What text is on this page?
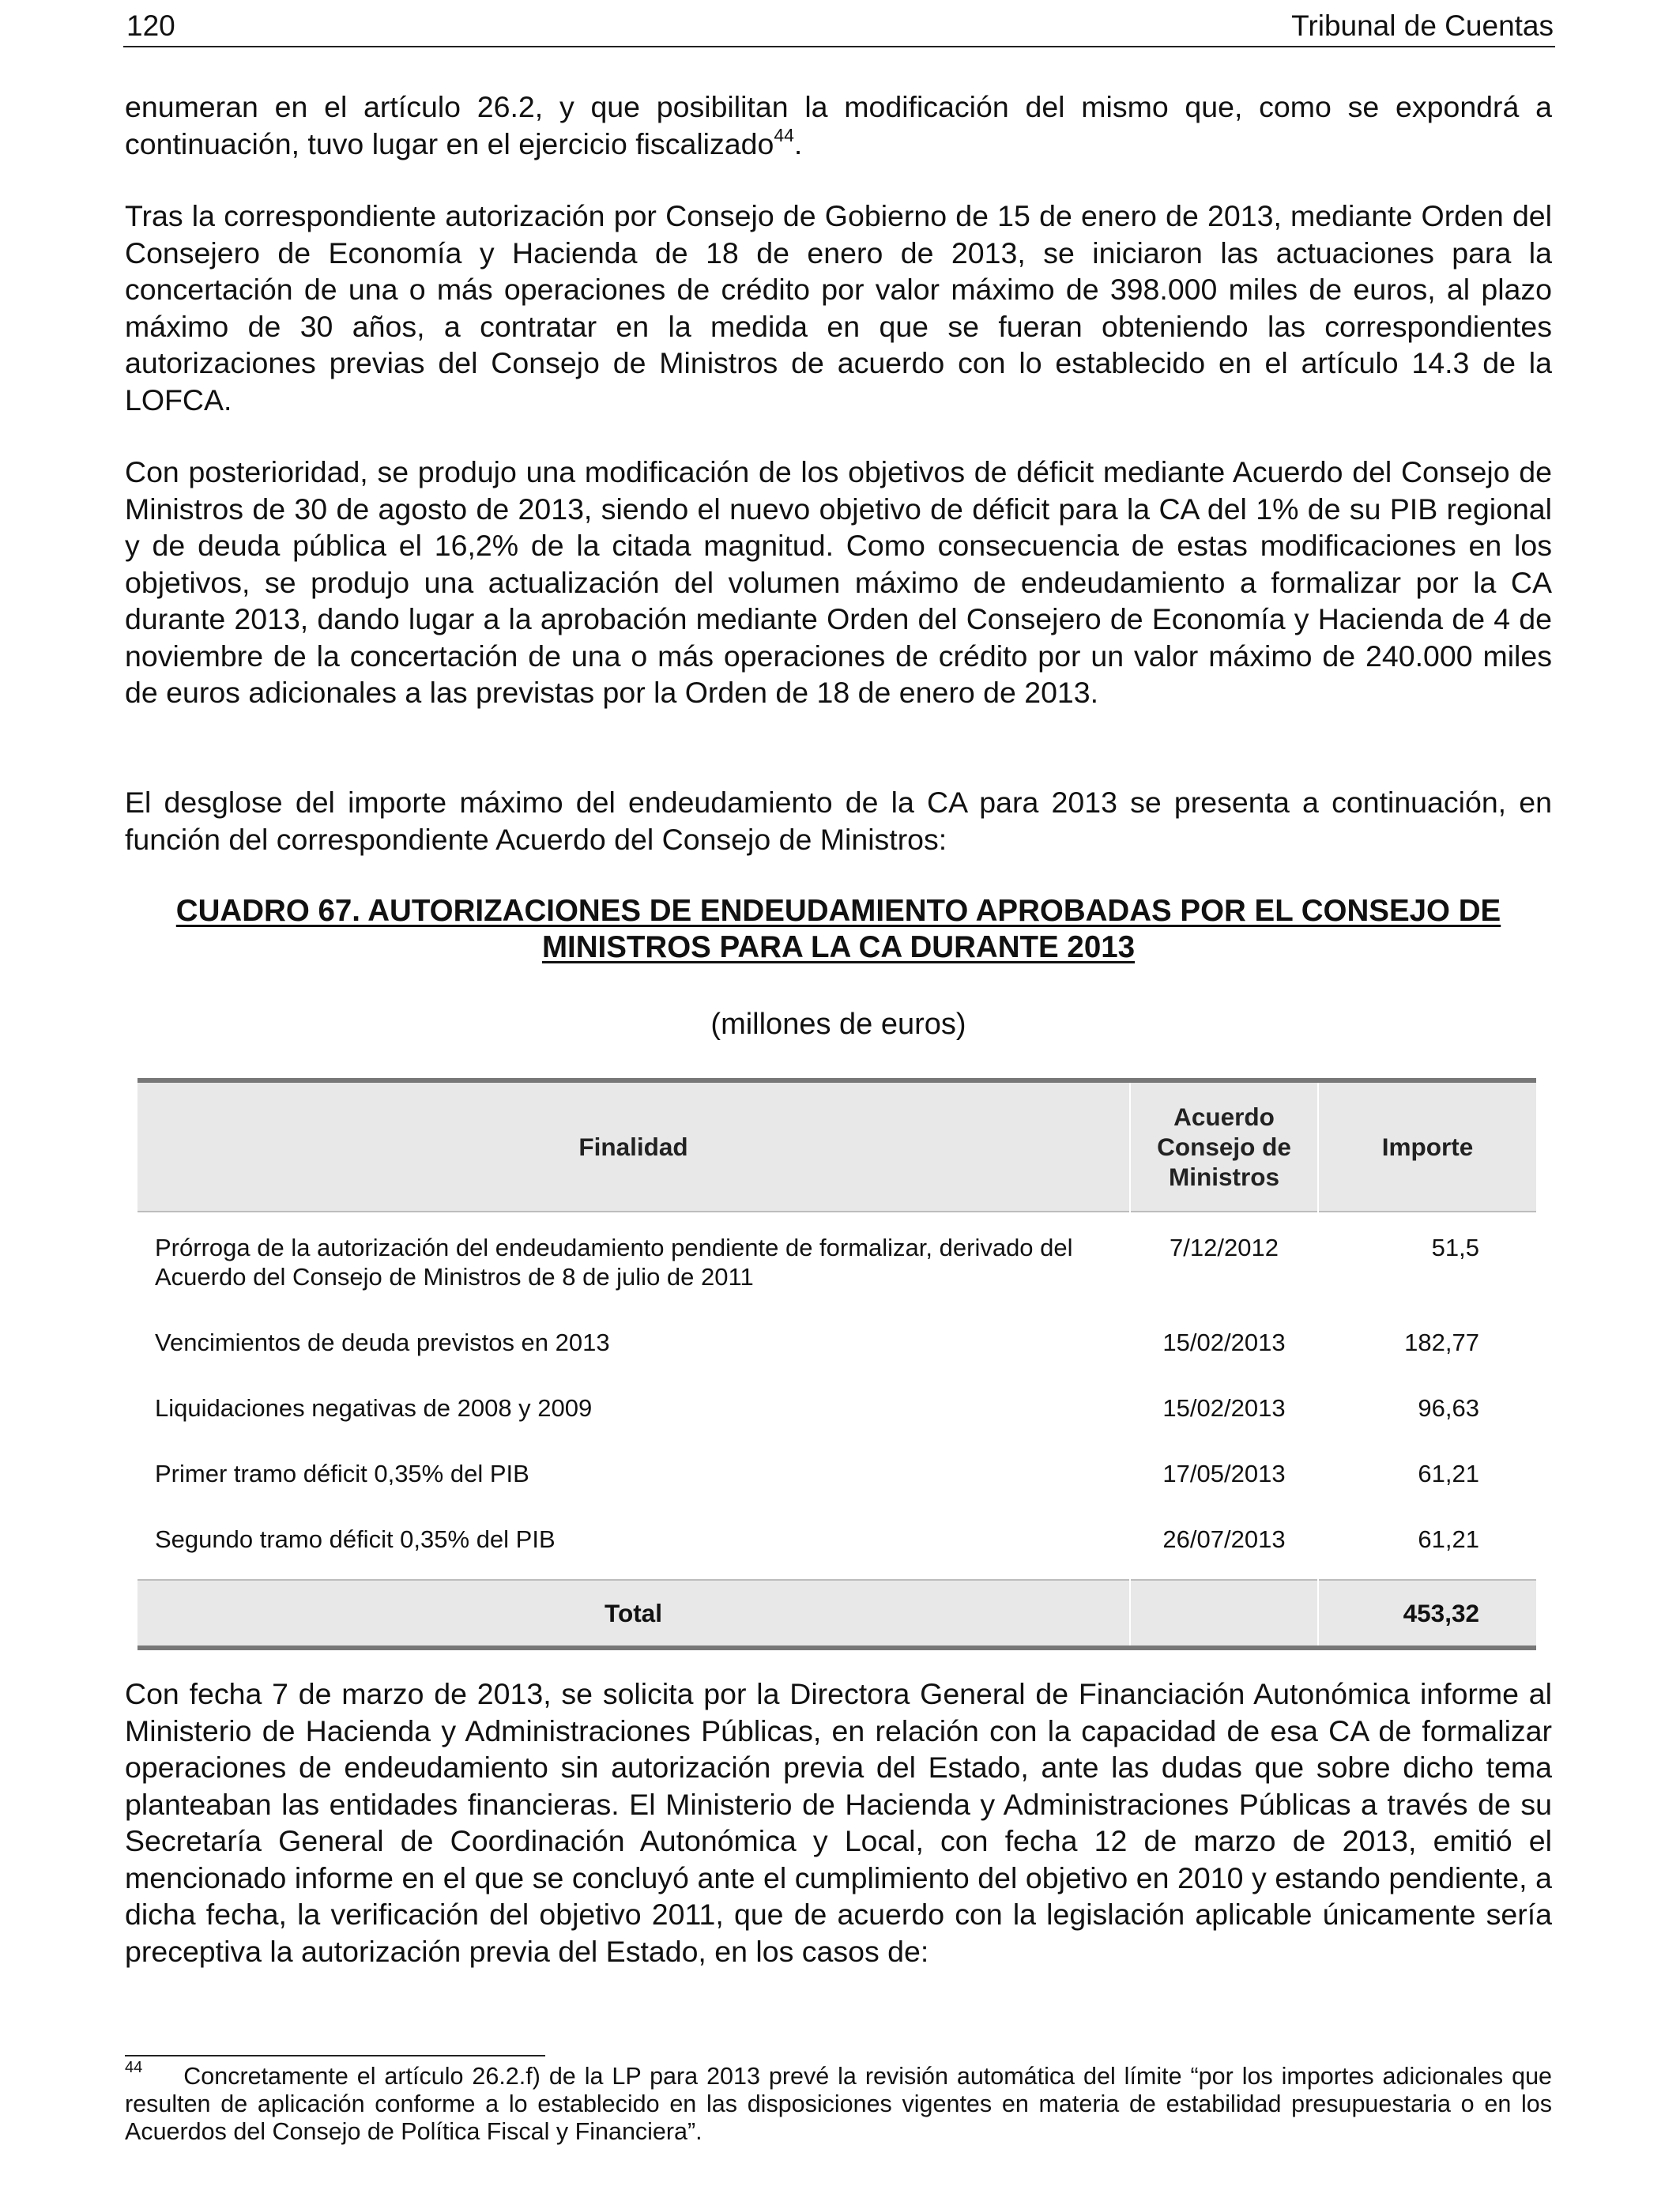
120	Tribunal de Cuentas

enumeran en el artículo 26.2, y que posibilitan la modificación del mismo que, como se expondrá a continuación, tuvo lugar en el ejercicio fiscalizado$^{44}$.

Tras la correspondiente autorización por Consejo de Gobierno de 15 de enero de 2013, mediante Orden del Consejero de Economía y Hacienda de 18 de enero de 2013, se iniciaron las actuaciones para la concertación de una o más operaciones de crédito por valor máximo de 398.000 miles de euros, al plazo máximo de 30 años, a contratar en la medida en que se fueran obteniendo las correspondientes autorizaciones previas del Consejo de Ministros de acuerdo con lo establecido en el artículo 14.3 de la LOFCA.

Con posterioridad, se produjo una modificación de los objetivos de déficit mediante Acuerdo del Consejo de Ministros de 30 de agosto de 2013, siendo el nuevo objetivo de déficit para la CA del 1% de su PIB regional y de deuda pública el 16,2% de la citada magnitud. Como consecuencia de estas modificaciones en los objetivos, se produjo una actualización del volumen máximo de endeudamiento a formalizar por la CA durante 2013, dando lugar a la aprobación mediante Orden del Consejero de Economía y Hacienda de 4 de noviembre de la concertación de una o más operaciones de crédito por un valor máximo de 240.000 miles de euros adicionales a las previstas por la Orden de 18 de enero de 2013.

El desglose del importe máximo del endeudamiento de la CA para 2013 se presenta a continuación, en función del correspondiente Acuerdo del Consejo de Ministros:

CUADRO 67. AUTORIZACIONES DE ENDEUDAMIENTO APROBADAS POR EL CONSEJO DE
MINISTROS PARA LA CA DURANTE 2013
(millones de euros)
Finalidad	Acuerdo
Consejo de
Ministros	Importe
Prórroga de la autorización del endeudamiento pendiente de formalizar, derivado del Acuerdo del Consejo de Ministros de 8 de julio de 2011	7/12/2012	51,5
Vencimientos de deuda previstos en 2013	15/02/2013	182,77
Liquidaciones negativas de 2008 y 2009	15/02/2013	96,63
Primer tramo déficit 0,35% del PIB	17/05/2013	61,21
Segundo tramo déficit 0,35% del PIB	26/07/2013	61,21
Total		453,32

Con fecha 7 de marzo de 2013, se solicita por la Directora General de Financiación Autonómica informe al Ministerio de Hacienda y Administraciones Públicas, en relación con la capacidad de esa CA de formalizar operaciones de endeudamiento sin autorización previa del Estado, ante las dudas que sobre dicho tema planteaban las entidades financieras. El Ministerio de Hacienda y Administraciones Públicas a través de su Secretaría General de Coordinación Autonómica y Local, con fecha 12 de marzo de 2013, emitió el mencionado informe en el que se concluyó ante el cumplimiento del objetivo en 2010 y estando pendiente, a dicha fecha, la verificación del objetivo 2011, que de acuerdo con la legislación aplicable únicamente sería preceptiva la autorización previa del Estado, en los casos de:

$^{44}$ Concretamente el artículo 26.2.f) de la LP para 2013 prevé la revisión automática del límite “por los importes adicionales que resulten de aplicación conforme a lo establecido en las disposiciones vigentes en materia de estabilidad presupuestaria o en los Acuerdos del Consejo de Política Fiscal y Financiera”.
